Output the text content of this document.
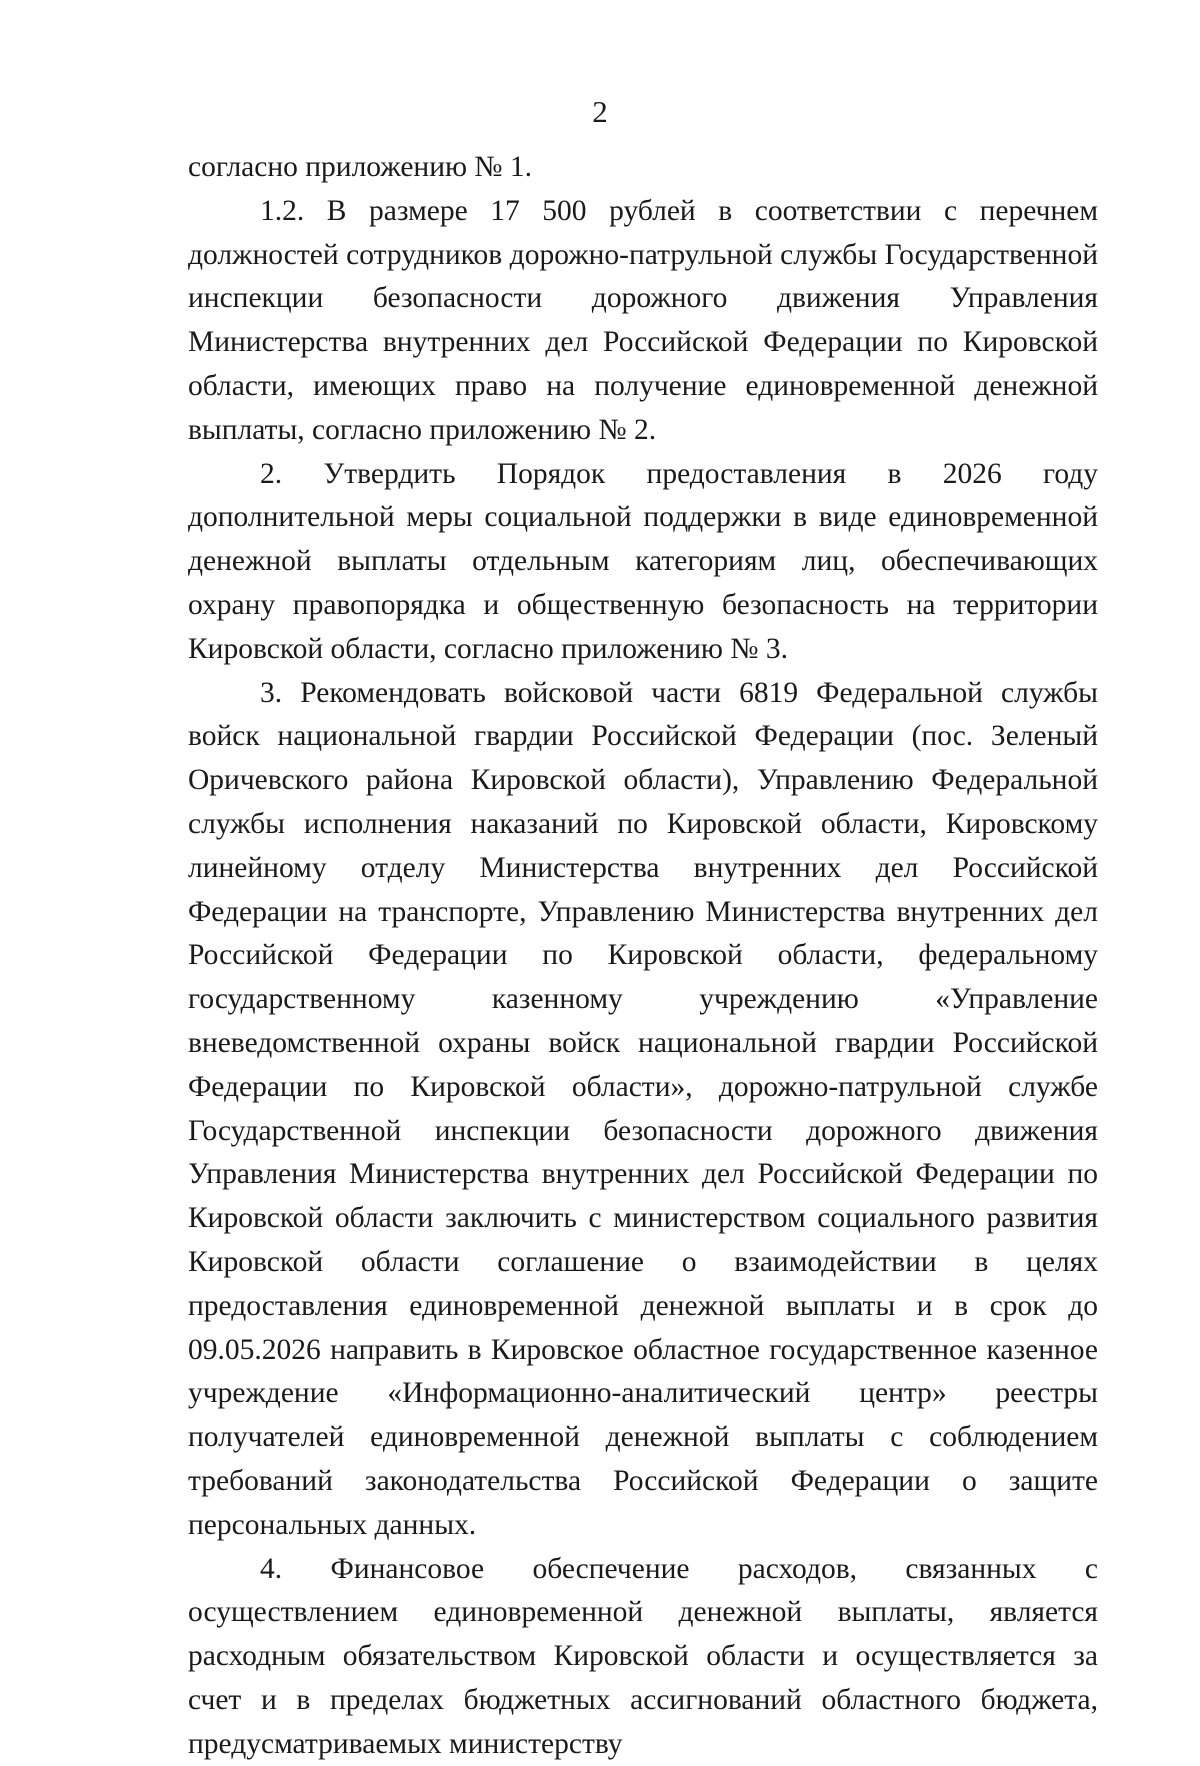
2

согласно приложению № 1.

1.2. В размере 17 500 рублей в соответствии с перечнем должностей сотрудников дорожно-патрульной службы Государственной инспекции безопасности дорожного движения Управления Министерства внутренних дел Российской Федерации по Кировской области, имеющих право на получение единовременной денежной выплаты, согласно приложению № 2.

2. Утвердить Порядок предоставления в 2026 году дополнительной меры социальной поддержки в виде единовременной денежной выплаты отдельным категориям лиц, обеспечивающих охрану правопорядка и общественную безопасность на территории Кировской области, согласно приложению № 3.

3. Рекомендовать войсковой части 6819 Федеральной службы войск национальной гвардии Российской Федерации (пос. Зеленый Оричевского района Кировской области), Управлению Федеральной службы исполнения наказаний по Кировской области, Кировскому линейному отделу Министерства внутренних дел Российской Федерации на транспорте, Управлению Министерства внутренних дел Российской Федерации по Кировской области, федеральному государственному казенному учреждению «Управление вневедомственной охраны войск национальной гвардии Российской Федерации по Кировской области», дорожно-патрульной службе Государственной инспекции безопасности дорожного движения Управления Министерства внутренних дел Российской Федерации по Кировской области заключить с министерством социального развития Кировской области соглашение о взаимодействии в целях предоставления единовременной денежной выплаты и в срок до 09.05.2026 направить в Кировское областное государственное казенное учреждение «Информационно-аналитический центр» реестры получателей единовременной денежной выплаты с соблюдением требований законодательства Российской Федерации о защите персональных данных.

4. Финансовое обеспечение расходов, связанных с осуществлением единовременной денежной выплаты, является расходным обязательством Кировской области и осуществляется за счет и в пределах бюджетных ассигнований областного бюджета, предусматриваемых министерству
